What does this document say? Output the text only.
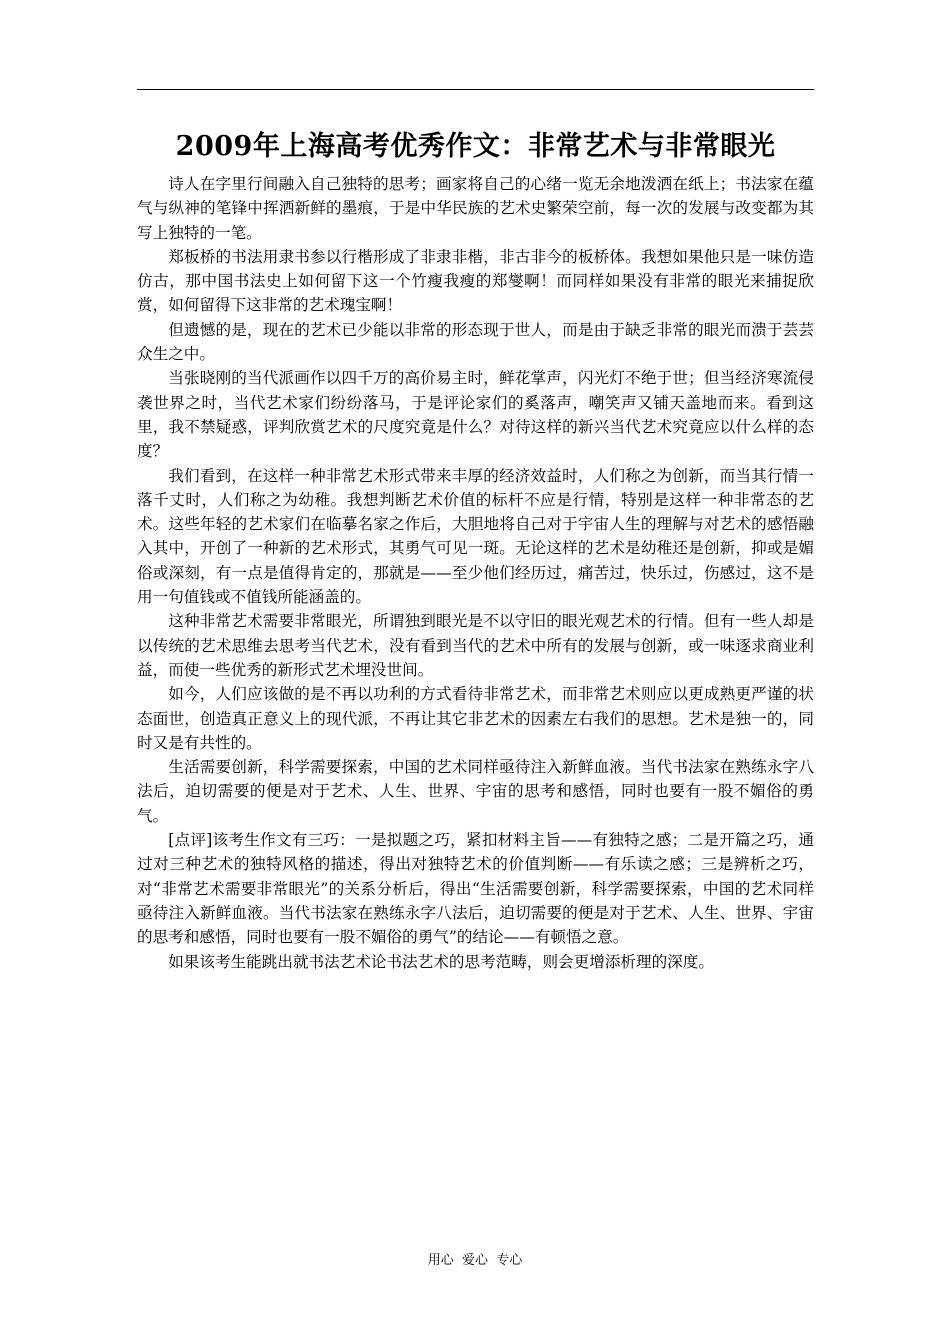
2009年上海高考优秀作文：非常艺术与非常眼光

诗人在字里行间融入自己独特的思考；画家将自己的心绪一览无余地泼洒在纸上；书法家在蕴气与纵神的笔锋中挥洒新鲜的墨痕，于是中华民族的艺术史繁荣空前，每一次的发展与改变都为其写上独特的一笔。

郑板桥的书法用隶书参以行楷形成了非隶非楷，非古非今的板桥体。我想如果他只是一味仿造仿古，那中国书法史上如何留下这一个竹瘦我瘦的郑燮啊！而同样如果没有非常的眼光来捕捉欣赏，如何留得下这非常的艺术瑰宝啊！

但遗憾的是，现在的艺术已少能以非常的形态现于世人，而是由于缺乏非常的眼光而溃于芸芸众生之中。

当张晓刚的当代派画作以四千万的高价易主时，鲜花掌声，闪光灯不绝于世；但当经济寒流侵袭世界之时，当代艺术家们纷纷落马，于是评论家们的奚落声，嘲笑声又铺天盖地而来。看到这里，我不禁疑惑，评判欣赏艺术的尺度究竟是什么？对待这样的新兴当代艺术究竟应以什么样的态度？

我们看到，在这样一种非常艺术形式带来丰厚的经济效益时，人们称之为创新，而当其行情一落千丈时，人们称之为幼稚。我想判断艺术价值的标杆不应是行情，特别是这样一种非常态的艺术。这些年轻的艺术家们在临摹名家之作后，大胆地将自己对于宇宙人生的理解与对艺术的感悟融入其中，开创了一种新的艺术形式，其勇气可见一斑。无论这样的艺术是幼稚还是创新，抑或是媚俗或深刻，有一点是值得肯定的，那就是——至少他们经历过，痛苦过，快乐过，伤感过，这不是用一句值钱或不值钱所能涵盖的。

这种非常艺术需要非常眼光，所谓独到眼光是不以守旧的眼光观艺术的行情。但有一些人却是以传统的艺术思维去思考当代艺术，没有看到当代的艺术中所有的发展与创新，或一味逐求商业利益，而使一些优秀的新形式艺术埋没世间。

如今，人们应该做的是不再以功利的方式看待非常艺术，而非常艺术则应以更成熟更严谨的状态面世，创造真正意义上的现代派，不再让其它非艺术的因素左右我们的思想。艺术是独一的，同时又是有共性的。

生活需要创新，科学需要探索，中国的艺术同样亟待注入新鲜血液。当代书法家在熟练永字八法后，迫切需要的便是对于艺术、人生、世界、宇宙的思考和感悟，同时也要有一股不媚俗的勇气。

[点评]该考生作文有三巧：一是拟题之巧，紧扣材料主旨——有独特之感；二是开篇之巧，通过对三种艺术的独特风格的描述，得出对独特艺术的价值判断——有乐读之感；三是辨析之巧，对“非常艺术需要非常眼光”的关系分析后，得出“生活需要创新，科学需要探索，中国的艺术同样亟待注入新鲜血液。当代书法家在熟练永字八法后，迫切需要的便是对于艺术、人生、世界、宇宙的思考和感悟，同时也要有一股不媚俗的勇气”的结论——有顿悟之意。

如果该考生能跳出就书法艺术论书法艺术的思考范畴，则会更增添析理的深度。

用心  爱心  专心
